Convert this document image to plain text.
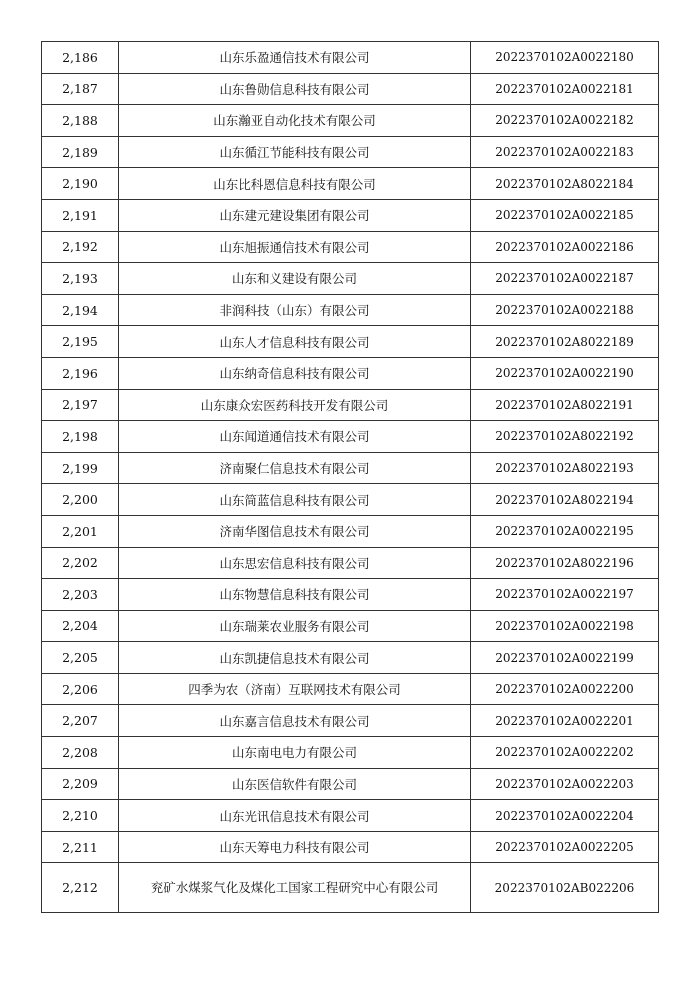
2,186	山东乐盈通信技术有限公司	2022370102A0022180
2,187	山东鲁勋信息科技有限公司	2022370102A0022181
2,188	山东瀚亚自动化技术有限公司	2022370102A0022182
2,189	山东循江节能科技有限公司	2022370102A0022183
2,190	山东比科恩信息科技有限公司	2022370102A8022184
2,191	山东建元建设集团有限公司	2022370102A0022185
2,192	山东旭振通信技术有限公司	2022370102A0022186
2,193	山东和义建设有限公司	2022370102A0022187
2,194	非润科技（山东）有限公司	2022370102A0022188
2,195	山东人才信息科技有限公司	2022370102A8022189
2,196	山东纳奇信息科技有限公司	2022370102A0022190
2,197	山东康众宏医药科技开发有限公司	2022370102A8022191
2,198	山东闻道通信技术有限公司	2022370102A8022192
2,199	济南聚仁信息技术有限公司	2022370102A8022193
2,200	山东简蓝信息科技有限公司	2022370102A8022194
2,201	济南华图信息技术有限公司	2022370102A0022195
2,202	山东思宏信息科技有限公司	2022370102A8022196
2,203	山东物慧信息科技有限公司	2022370102A0022197
2,204	山东瑞莱农业服务有限公司	2022370102A0022198
2,205	山东凯捷信息技术有限公司	2022370102A0022199
2,206	四季为农（济南）互联网技术有限公司	2022370102A0022200
2,207	山东嘉言信息技术有限公司	2022370102A0022201
2,208	山东南电电力有限公司	2022370102A0022202
2,209	山东医信软件有限公司	2022370102A0022203
2,210	山东光讯信息技术有限公司	2022370102A0022204
2,211	山东天筹电力科技有限公司	2022370102A0022205
2,212	兖矿水煤浆气化及煤化工国家工程研究中心有限公司	2022370102AB022206
